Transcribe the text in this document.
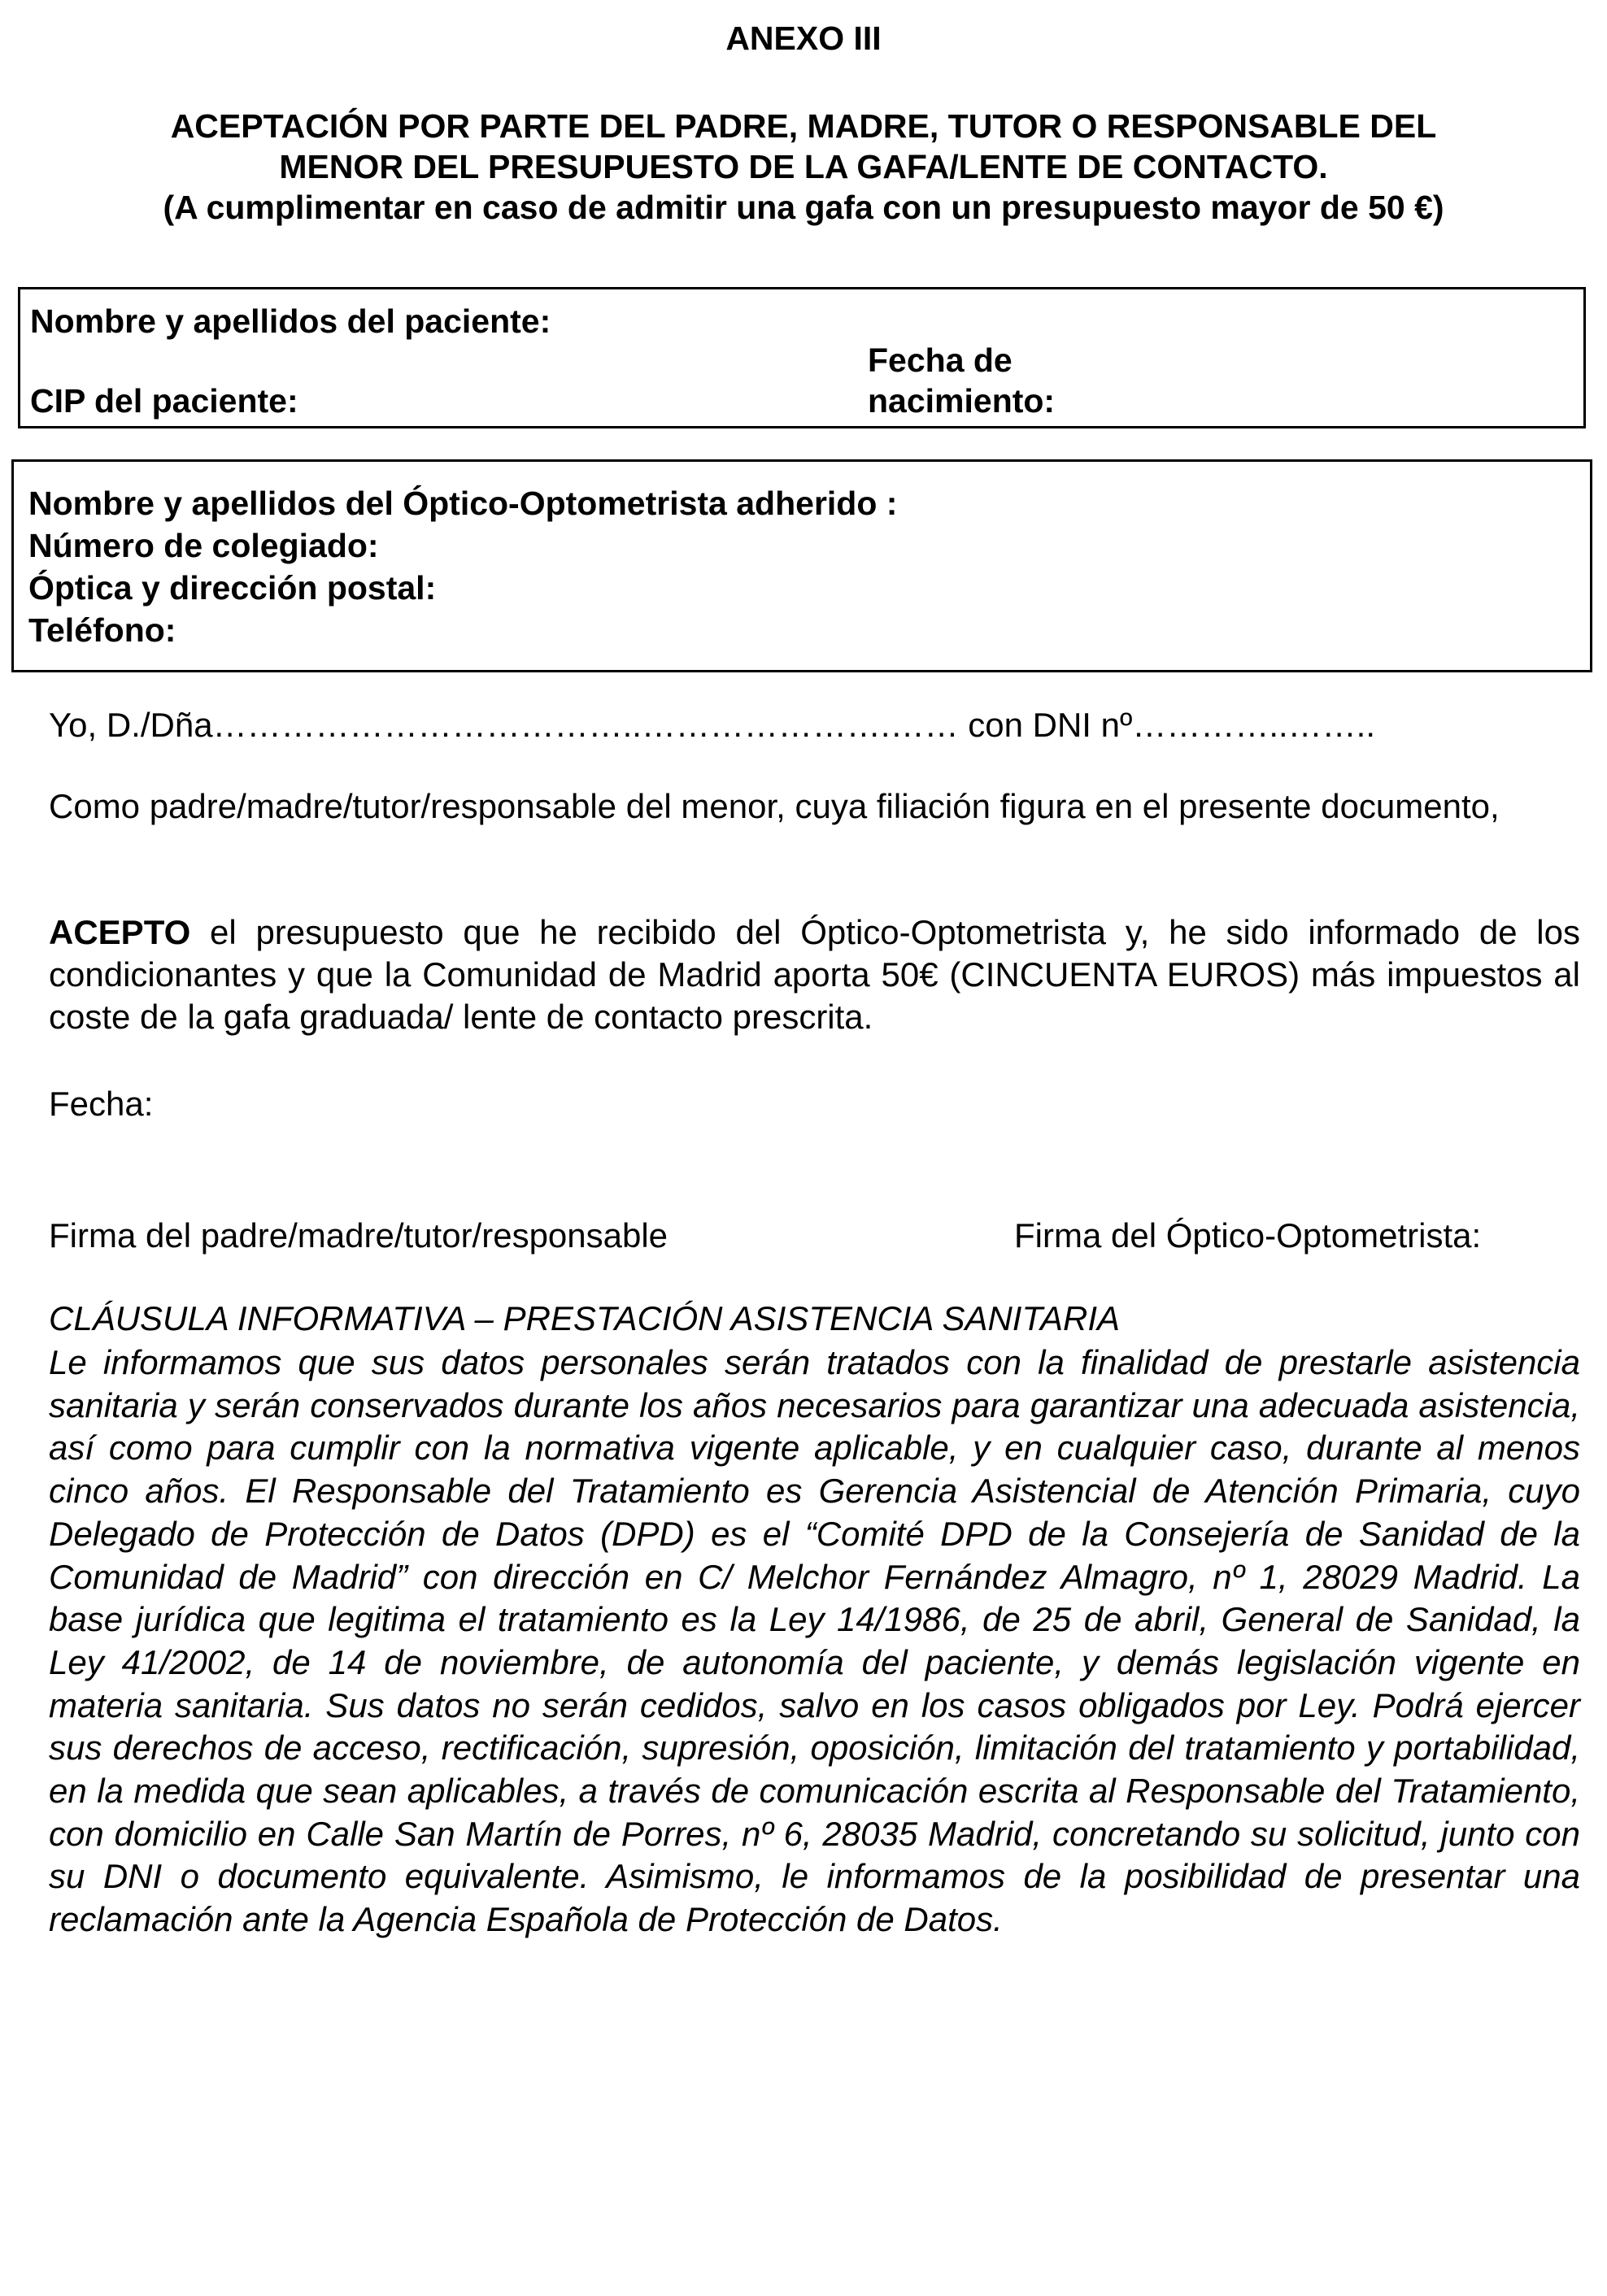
ANEXO III
ACEPTACIÓN POR PARTE DEL PADRE, MADRE, TUTOR O RESPONSABLE DEL
MENOR DEL PRESUPUESTO DE LA GAFA/LENTE DE CONTACTO.
(A cumplimentar en caso de admitir una gafa con un presupuesto mayor de 50 €)
Nombre y apellidos del paciente:
Fecha de
nacimiento:
CIP del paciente:
Nombre y apellidos del Óptico-Optometrista adherido :
Número de colegiado:
Óptica y dirección postal:
Teléfono:
Yo, D./Dña………………………………..………………….…… con DNI nº…………..……..
Como padre/madre/tutor/responsable del menor, cuya filiación figura en el presente documento,
ACEPTO el presupuesto que he recibido del Óptico-Optometrista y, he sido informado de los condicionantes y que la Comunidad de Madrid aporta 50€ (CINCUENTA EUROS) más impuestos al coste de la gafa graduada/ lente de contacto prescrita.
Fecha:
Firma del padre/madre/tutor/responsable	Firma del Óptico-Optometrista:
CLÁUSULA INFORMATIVA – PRESTACIÓN ASISTENCIA SANITARIA
Le informamos que sus datos personales serán tratados con la finalidad de prestarle asistencia sanitaria y serán conservados durante los años necesarios para garantizar una adecuada asistencia, así como para cumplir con la normativa vigente aplicable, y en cualquier caso, durante al menos cinco años. El Responsable del Tratamiento es Gerencia Asistencial de Atención Primaria, cuyo Delegado de Protección de Datos (DPD) es el “Comité DPD de la Consejería de Sanidad de la Comunidad de Madrid” con dirección en C/ Melchor Fernández Almagro, nº 1, 28029 Madrid. La base jurídica que legitima el tratamiento es la Ley 14/1986, de 25 de abril, General de Sanidad, la Ley 41/2002, de 14 de noviembre, de autonomía del paciente, y demás legislación vigente en materia sanitaria. Sus datos no serán cedidos, salvo en los casos obligados por Ley. Podrá ejercer sus derechos de acceso, rectificación, supresión, oposición, limitación del tratamiento y portabilidad, en la medida que sean aplicables, a través de comunicación escrita al Responsable del Tratamiento, con domicilio en Calle San Martín de Porres, nº 6, 28035 Madrid, concretando su solicitud, junto con su DNI o documento equivalente. Asimismo, le informamos de la posibilidad de presentar una reclamación ante la Agencia Española de Protección de Datos.
